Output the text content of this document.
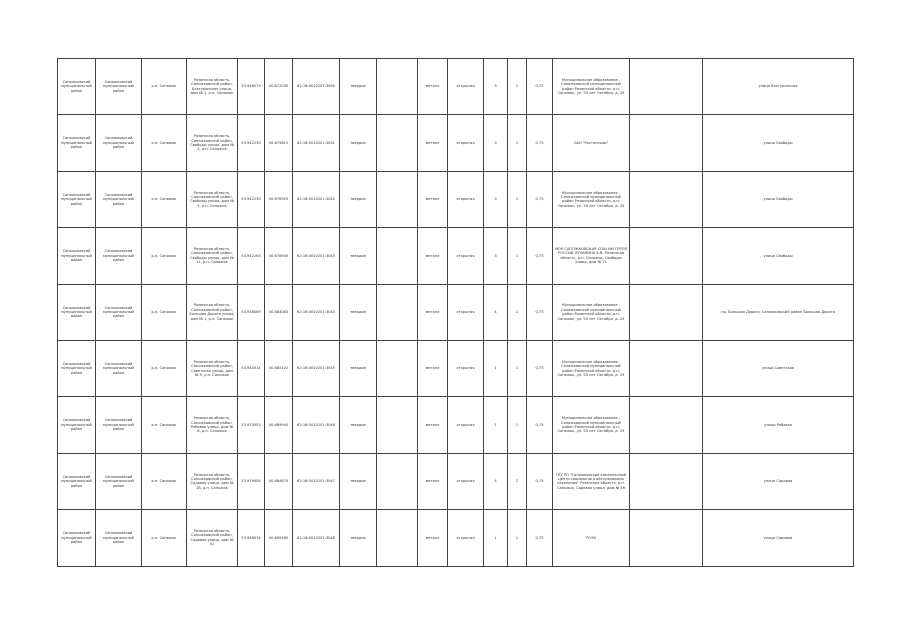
Сапожковский муниципальный район	Сапожковский муниципальный район	р.п. Сапожок	Рязанская область, Сапожковский район, Бахтуринская улица, дом № 1, р.п. Сапожок	53.946073	40.672035	62:16:0010201:3040	твердое		металл	открытая	3	1	0,75	Муниципальное образование - Сапожковский муниципальный район Рязанской области, р.п. Сапожок, ул. 50 лет Октября, д. 25		улица Бахтуринская
Сапожковский муниципальный район	Сапожковский муниципальный район	р.п. Сапожок	Рязанская область, Сапожковский район, Свободы улица, дом № 5, р.п. Сапожок	53.942230	40.679815	62:16:0010201:3041	твердое		металл	открытая	3	1	0,75	ОАО "Ростелеком"		улица Свободы
Сапожковский муниципальный район	Сапожковский муниципальный район	р.п. Сапожок	Рязанская область, Сапожковский район, Свободы улица, дом № 9, р.п. Сапожок	53.942230	40.678925	62:16:0010201:3042	твердое		металл	открытая	3	1	0,75	Муниципальное образование - Сапожковский муниципальный район Рязанской области, р.п. Сапожок, ул. 50 лет Октября, д. 25		улица Свободы
Сапожковский муниципальный район	Сапожковский муниципальный район	р.п. Сапожок	Рязанская область, Сапожковский район, Свободы улица, дом № 11, р.п. Сапожок	53.942163	40.678945	62:16:0010201:3043	твердое		металл	открытая	3	1	0,75	МОУ САПОЖКОВСКАЯ СОШ ИМ ГЕРОЯ РОССИИ ЛУЧИНИНА А.В. Рязанская область, р.п. Сапожок, Свободы улица, дом № 11		улица Свободы
Сапожковский муниципальный район	Сапожковский муниципальный район	р.п. Сапожок	Рязанская область, Сапожковский район, Большая Дорога улица, дом № 1, р.п. Сапожок	53.938089	40.684083	62:16:0010201:3044	твердое		металл	открытая	4	2	0,75	Муниципальное образование - Сапожковский муниципальный район Рязанской области, р.п. Сапожок, ул. 50 лет Октября, д. 25		пр. Большая Дорога, Сапожковский район Большая Дорога
Сапожковский муниципальный район	Сапожковский муниципальный район	р.п. Сапожок	Рязанская область, Сапожковский район, Советская улица, дом № 9, р.п. Сапожок	53.940514	40.685102	62:16:0010201:3045	твердое		металл	открытая	1	1	0,75	Муниципальное образование - Сапожковский муниципальный район Рязанской области, р.п. Сапожок, ул. 50 лет Октября, д. 25		улица Советская
Сапожковский муниципальный район	Сапожковский муниципальный район	р.п. Сапожок	Рязанская область, Сапожковский район, Рябовая улица, дом № 8, р.п. Сапожок	53.933053	40.689945	62:16:0010201:3046	твердое		металл	открытая	1	1	0,75	Муниципальное образование - Сапожковский муниципальный район Рязанской области, р.п. Сапожок, ул. 50 лет Октября, д. 25		улица Рябовая
Сапожковский муниципальный район	Сапожковский муниципальный район	р.п. Сапожок	Рязанская область, Сапожковский район, Садовая улица, дом № 18, р.п. Сапожок	53.979404	40.684670	62:16:0010201:3047	твердое		металл	открытая	4	2	0,75	ГБУ РО "Сапожковский комплексный центр социального обслуживания населения" Рязанская область, р.п. Сапожок, Садовая улица, дом № 16		улица Садовая
Сапожковский муниципальный район	Сапожковский муниципальный район	р.п. Сапожок	Рязанская область, Сапожковский район, Садовая улица, дом № 41	53.948014	40.689465	62:16:0010201:3048	твердое		металл	открытая	1	1	0,75	РОЭК		улица Садовая
